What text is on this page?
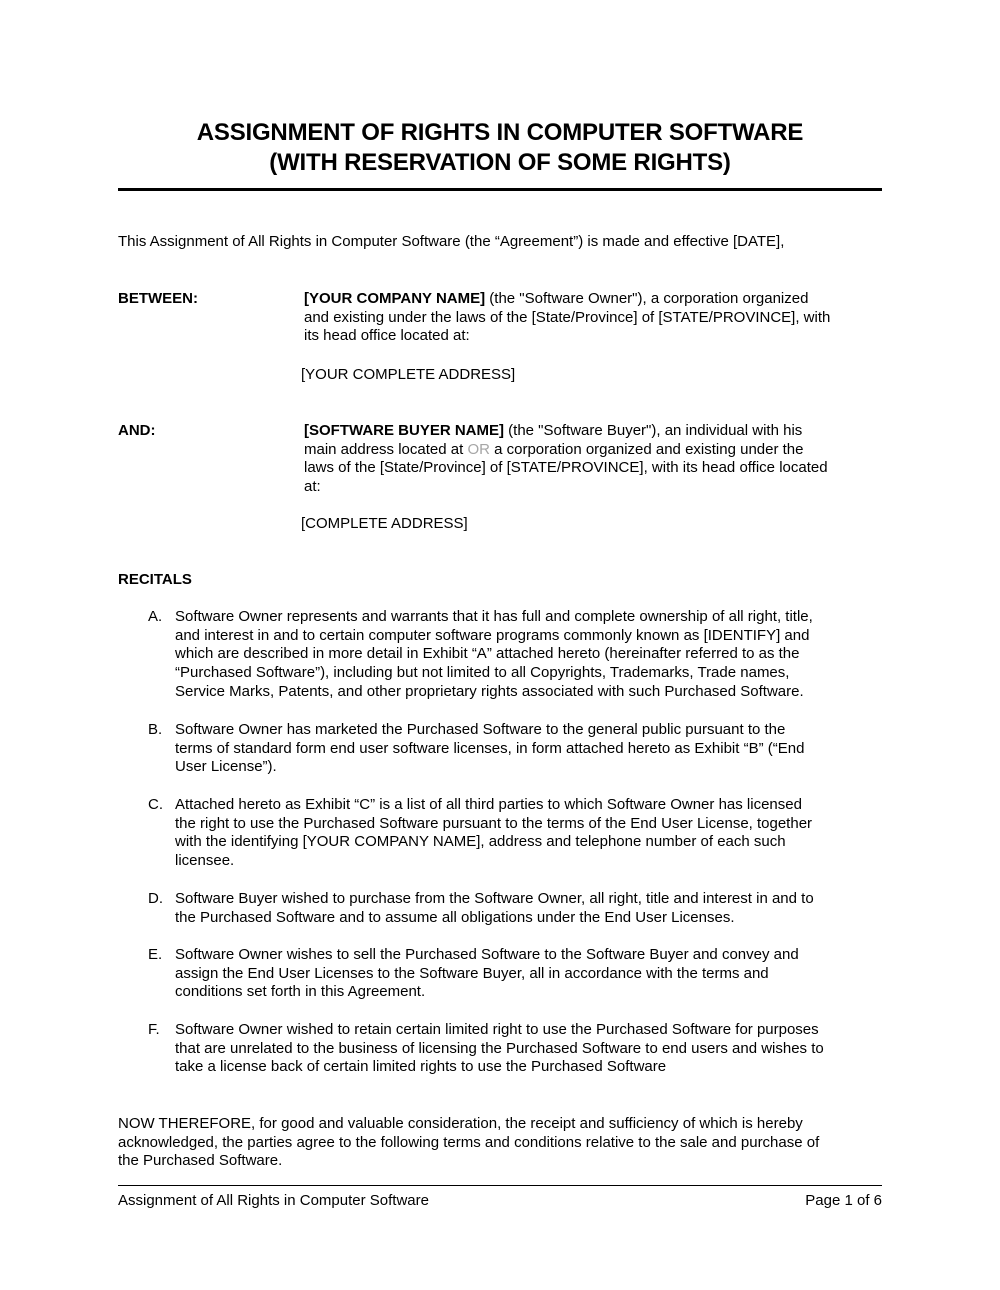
ASSIGNMENT OF RIGHTS IN COMPUTER SOFTWARE
(WITH RESERVATION OF SOME RIGHTS)
This Assignment of All Rights in Computer Software (the “Agreement”) is made and effective [DATE],
BETWEEN:	[YOUR COMPANY NAME] (the "Software Owner"), a corporation organized
and existing under the laws of the [State/Province] of [STATE/PROVINCE], with
its head office located at:
[YOUR COMPLETE ADDRESS]
AND:	[SOFTWARE BUYER NAME] (the "Software Buyer"), an individual with his
main address located at OR a corporation organized and existing under the
laws of the [State/Province] of [STATE/PROVINCE], with its head office located
at:
[COMPLETE ADDRESS]
RECITALS
A. Software Owner represents and warrants that it has full and complete ownership of all right, title,
and interest in and to certain computer software programs commonly known as [IDENTIFY] and
which are described in more detail in Exhibit “A” attached hereto (hereinafter referred to as the
“Purchased Software”), including but not limited to all Copyrights, Trademarks, Trade names,
Service Marks, Patents, and other proprietary rights associated with such Purchased Software.
B. Software Owner has marketed the Purchased Software to the general public pursuant to the
terms of standard form end user software licenses, in form attached hereto as Exhibit “B” (“End
User License”).
C. Attached hereto as Exhibit “C” is a list of all third parties to which Software Owner has licensed
the right to use the Purchased Software pursuant to the terms of the End User License, together
with the identifying [YOUR COMPANY NAME], address and telephone number of each such
licensee.
D. Software Buyer wished to purchase from the Software Owner, all right, title and interest in and to
the Purchased Software and to assume all obligations under the End User Licenses.
E. Software Owner wishes to sell the Purchased Software to the Software Buyer and convey and
assign the End User Licenses to the Software Buyer, all in accordance with the terms and
conditions set forth in this Agreement.
F.	Software Owner wished to retain certain limited right to use the Purchased Software for purposes
that are unrelated to the business of licensing the Purchased Software to end users and wishes to
take a license back of certain limited rights to use the Purchased Software
NOW THEREFORE, for good and valuable consideration, the receipt and sufficiency of which is hereby
acknowledged, the parties agree to the following terms and conditions relative to the sale and purchase of
the Purchased Software.
Assignment of All Rights in Computer Software	Page 1 of 6
